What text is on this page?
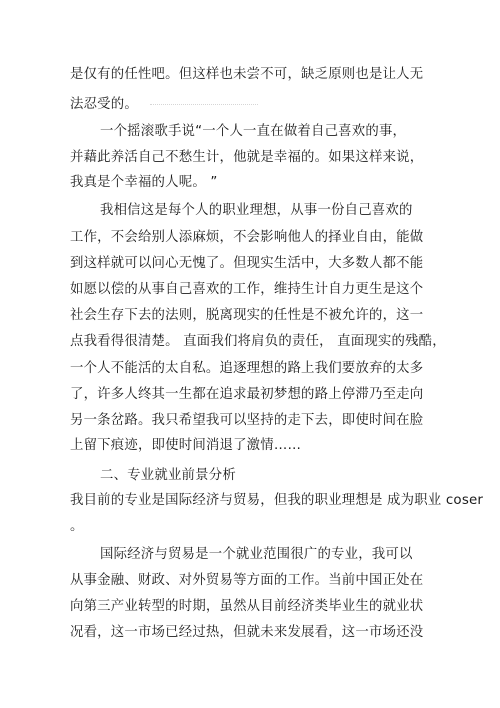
是仅有的任性吧。但这样也未尝不可，缺乏原则也是让人无
法忍受的。
一个摇滚歌手说“一个人一直在做着自己喜欢的事，
并藉此养活自己不愁生计，他就是幸福的。如果这样来说，
我真是个幸福的人呢。 ”
我相信这是每个人的职业理想，从事一份自己喜欢的
工作，不会给别人添麻烦，不会影响他人的择业自由，能做
到这样就可以问心无愧了。但现实生活中，大多数人都不能
如愿以偿的从事自己喜欢的工作，维持生计自力更生是这个
社会生存下去的法则，脱离现实的任性是不被允许的，这一
点我看得很清楚。 直面我们将肩负的责任， 直面现实的残酷，
一个人不能活的太自私。追逐理想的路上我们要放弃的太多
了，许多人终其一生都在追求最初梦想的路上停滞乃至走向
另一条岔路。我只希望我可以坚持的走下去，即使时间在脸
上留下痕迹，即使时间消退了激情……
二、专业就业前景分析
我目前的专业是国际经济与贸易，但我的职业理想是 成为职业 coser
。
国际经济与贸易是一个就业范围很广的专业，我可以
从事金融、财政、对外贸易等方面的工作。当前中国正处在
向第三产业转型的时期，虽然从目前经济类毕业生的就业状
况看，这一市场已经过热，但就未来发展看，这一市场还没
